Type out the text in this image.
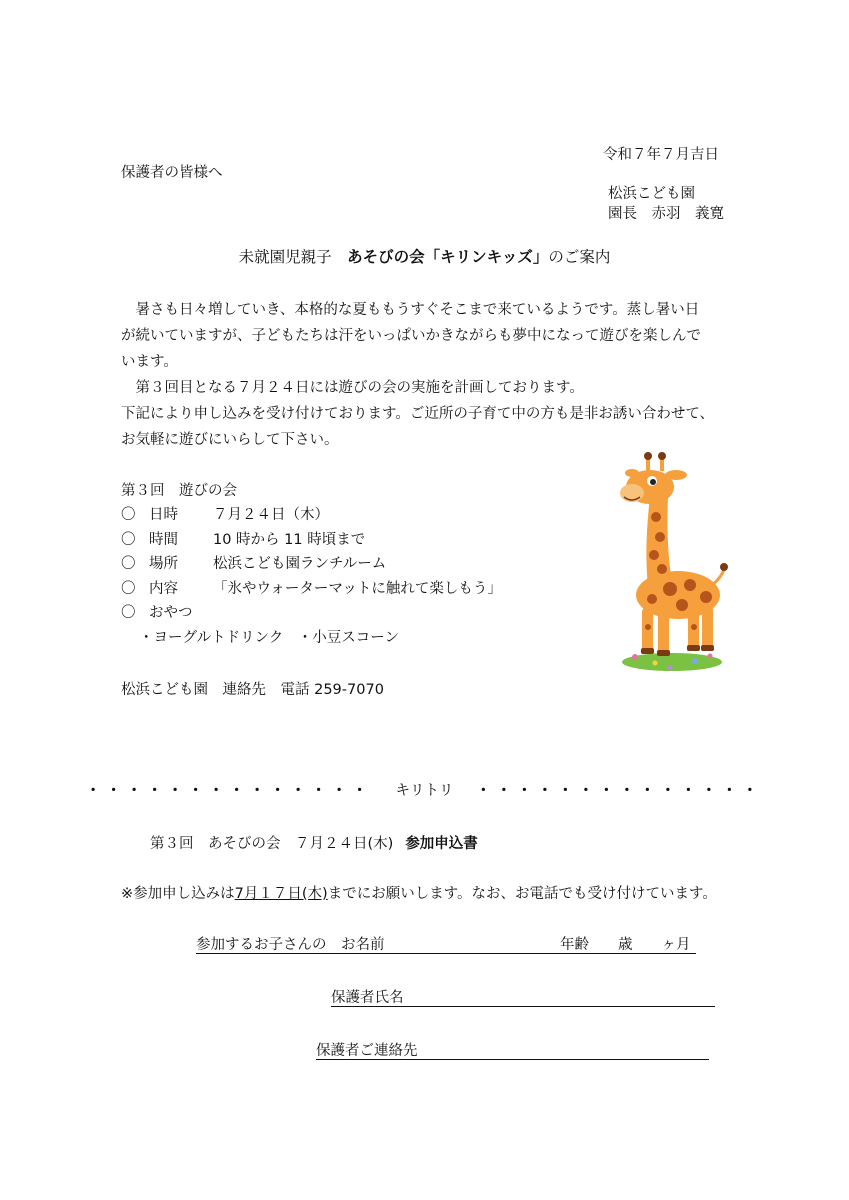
令和７年７月吉日
保護者の皆様へ
松浜こども園
園長　赤羽　義寛
未就園児親子　あそびの会「キリンキッズ」のご案内

　暑さも日々増していき、本格的な夏ももうすぐそこまで来ているようです。蒸し暑い日

が続いていますが、子どもたちは汗をいっぱいかきながらも夢中になって遊びを楽しんで

います。

　第３回目となる７月２４日には遊びの会の実施を計画しております。

下記により申し込みを受け付けております。ご近所の子育て中の方も是非お誘い合わせて、

お気軽に遊びにいらして下さい。

第３回　遊びの会
〇 日時	７月２４日（木）
〇 時間	10 時から 11 時頃まで
〇 場所	松浜こども園ランチルーム
〇 内容	「氷やウォーターマットに触れて楽しもう」
〇 おやつ
・ヨーグルトドリンク　・小豆スコーン
松浜こども園　連絡先　電話 259-7070
・・・・・・・・・・・・・・ キリトリ ・・・・・・・・・・・・・・
第３回　あそびの会　７月２４日(木) 参加申込書
※参加申し込みは7月１７日(木)までにお願いします。なお、お電話でも受け付けています。
参加するお子さんの　お名前	年齢　　歳　　ヶ月
保護者氏名
保護者ご連絡先
